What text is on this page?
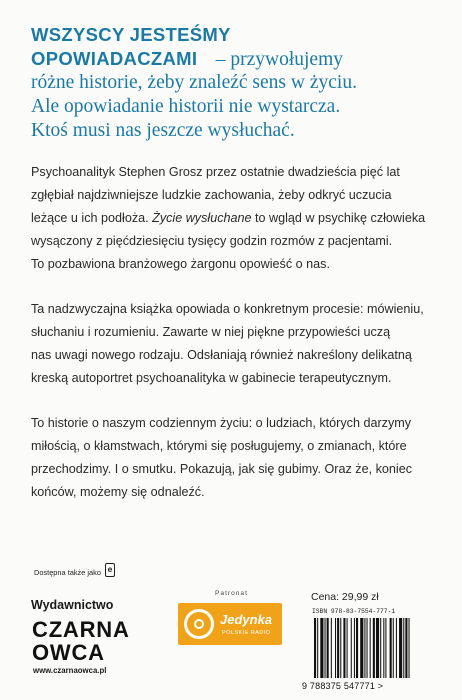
WSZYSCY JESTEŚMY
OPOWIADACZAMI – przywołujemy
różne historie, żeby znaleźć sens w życiu.
Ale opowiadanie historii nie wystarcza.
Ktoś musi nas jeszcze wysłuchać.
Psychoanalityk Stephen Grosz przez ostatnie dwadzieścia pięć lat
zgłębiał najdziwniejsze ludzkie zachowania, żeby odkryć uczucia
leżące u ich podłoża. Życie wysłuchane to wgląd w psychikę człowieka
wysączony z pięćdziesięciu tysięcy godzin rozmów z pacjentami.
To pozbawiona branżowego żargonu opowieść o nas.
Ta nadzwyczajna książka opowiada o konkretnym procesie: mówieniu,
słuchaniu i rozumieniu. Zawarte w niej piękne przypowieści uczą
nas uwagi nowego rodzaju. Odsłaniają również nakreślony delikatną
kreską autoportret psychoanalityka w gabinecie terapeutycznym.
To historie o naszym codziennym życiu: o ludziach, których darzymy
miłością, o kłamstwach, którymi się posługujemy, o zmianach, które
przechodzimy. I o smutku. Pokazują, jak się gubimy. Oraz że, koniec
końców, możemy się odnaleźć.
Dostępna także jako e
Wydawnictwo
CZARNA
OWCA
www.czarnaowca.pl
Patronat
Jedynka
POLSKIE RADIO
Cena: 29,99 zł
ISBN 978-83-7554-777-1
9 788375 547771 >
